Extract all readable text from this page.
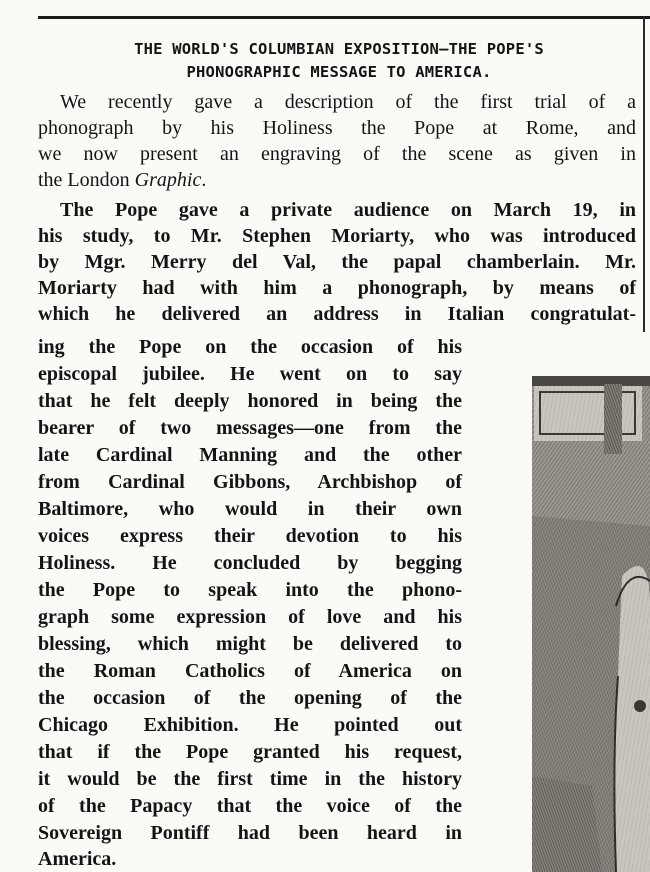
THE WORLD'S COLUMBIAN EXPOSITION—THE POPE'S
PHONOGRAPHIC MESSAGE TO AMERICA.
We recently gave a description of the first trial of a
phonograph by his Holiness the Pope at Rome, and
we now present an engraving of the scene as given in
the London Graphic.
The Pope gave a private audience on March 19, in
his study, to Mr. Stephen Moriarty, who was introduced
by Mgr. Merry del Val, the papal chamberlain. Mr.
Moriarty had with him a phonograph, by means of
which he delivered an address in Italian congratulat-
ing the Pope on the occasion of his
episcopal jubilee. He went on to say
that he felt deeply honored in being the
bearer of two messages—one from the
late Cardinal Manning and the other
from Cardinal Gibbons, Archbishop of
Baltimore, who would in their own
voices express their devotion to his
Holiness. He concluded by begging
the Pope to speak into the phono-
graph some expression of love and his
blessing, which might be delivered to
the Roman Catholics of America on
the occasion of the opening of the
Chicago Exhibition. He pointed out
that if the Pope granted his request,
it would be the first time in the history
of the Papacy that the voice of the
Sovereign Pontiff had been heard in
America.
